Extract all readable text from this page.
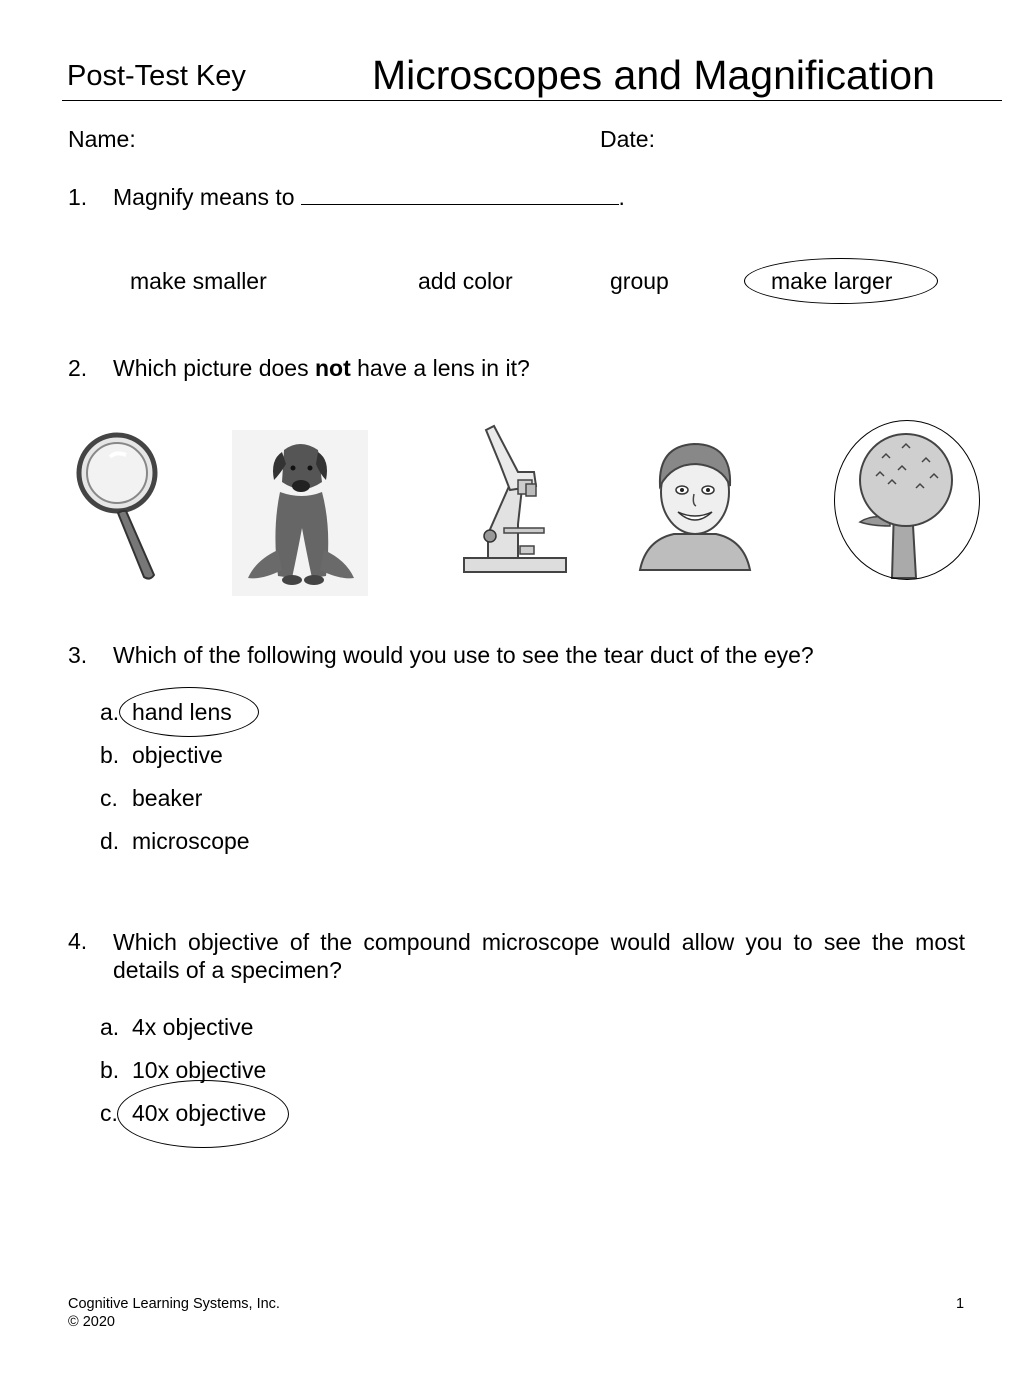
Post-Test Key	Microscopes and Magnification
Name:	Date:
1. Magnify means to	.
make smaller	add color	group	make larger
2. Which picture does not have a lens in it?
3. Which of the following would you use to see the tear duct of the eye?
a. hand lens
b. objective
c. beaker
d. microscope
4. Which objective of the compound microscope would allow you to see the most details of a specimen?
a. 4x objective
b. 10x objective
c. 40x objective
Cognitive Learning Systems, Inc.
© 2020
1
